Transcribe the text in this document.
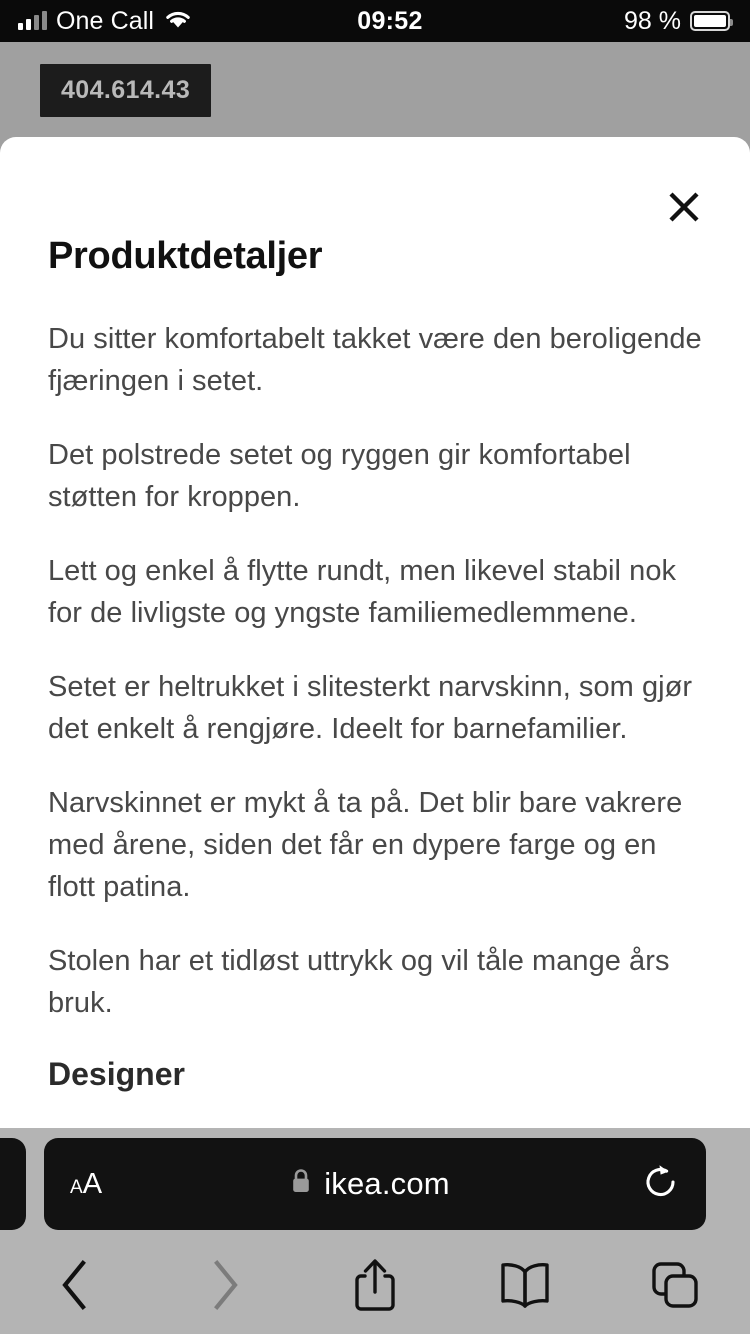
One Call	09:52	98 %
404.614.43
Produktdetaljer

Du sitter komfortabelt takket være den beroligende fjæringen i setet.

Det polstrede setet og ryggen gir komfortabel støtten for kroppen.

Lett og enkel å flytte rundt, men likevel stabil nok for de livligste og yngste familiemedlemmene.

Setet er heltrukket i slitesterkt narvskinn, som gjør det enkelt å rengjøre. Ideelt for barnefamilier.

Narvskinnet er mykt å ta på. Det blir bare vakrere med årene, siden det får en dypere farge og en flott patina.

Stolen har et tidløst uttrykk og vil tåle mange års bruk.

Designer
A A	ikea.com
